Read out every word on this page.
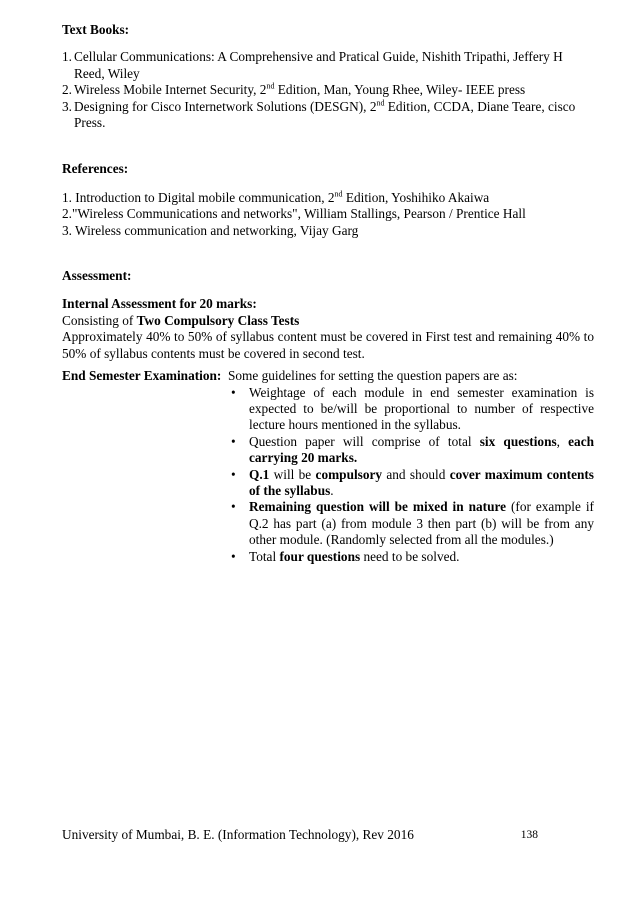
Text Books:
1. Cellular Communications: A Comprehensive and Pratical Guide, Nishith Tripathi, Jeffery H Reed, Wiley
2. Wireless Mobile Internet Security, 2nd Edition, Man, Young Rhee, Wiley- IEEE press
3. Designing for Cisco Internetwork Solutions (DESGN), 2nd Edition, CCDA, Diane Teare, cisco Press.
References:
1. Introduction to Digital mobile communication, 2nd Edition, Yoshihiko Akaiwa
2."Wireless Communications and networks", William Stallings, Pearson / Prentice Hall
3. Wireless communication and networking, Vijay Garg
Assessment:
Internal Assessment for 20 marks:
Consisting of Two Compulsory Class Tests
Approximately 40% to 50% of syllabus content must be covered in First test and remaining 40% to 50% of syllabus contents must be covered in second test.
End Semester Examination: Some guidelines for setting the question papers are as:
• Weightage of each module in end semester examination is expected to be/will be proportional to number of respective lecture hours mentioned in the syllabus.
• Question paper will comprise of total six questions, each carrying 20 marks.
• Q.1 will be compulsory and should cover maximum contents of the syllabus.
• Remaining question will be mixed in nature (for example if Q.2 has part (a) from module 3 then part (b) will be from any other module. (Randomly selected from all the modules.)
• Total four questions need to be solved.
University of Mumbai, B. E. (Information Technology), Rev 2016	138
